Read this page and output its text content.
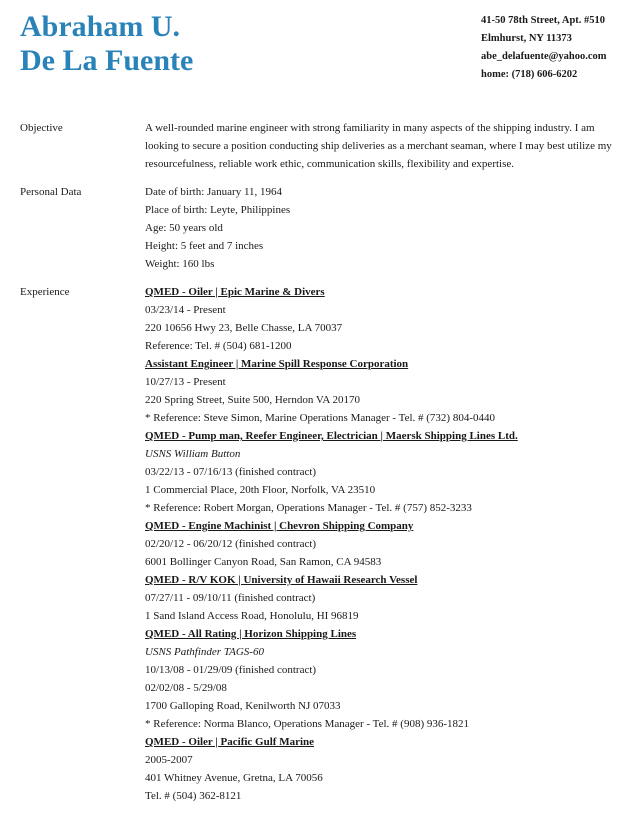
Abraham U.
De La Fuente
41-50 78th Street, Apt. #510
Elmhurst, NY 11373
abe_delafuente@yahoo.com
home: (718) 606-6202
Objective	A well-rounded marine engineer with strong familiarity in many aspects of the shipping industry. I am looking to secure a position conducting ship deliveries as a merchant seaman, where I may best utilize my resourcefulness, reliable work ethic, communication skills, flexibility and expertise.
Personal Data	Date of birth: January 11, 1964
Place of birth: Leyte, Philippines
Age: 50 years old
Height: 5 feet and 7 inches
Weight: 160 lbs
Experience	QMED - Oiler | Epic Marine & Divers
03/23/14 - Present
220 10656 Hwy 23, Belle Chasse, LA 70037
Reference: Tel. # (504) 681-1200
Assistant Engineer | Marine Spill Response Corporation
10/27/13 - Present
220 Spring Street, Suite 500, Herndon VA 20170
* Reference: Steve Simon, Marine Operations Manager - Tel. # (732) 804-0440
QMED - Pump man, Reefer Engineer, Electrician | Maersk Shipping Lines Ltd.
USNS William Button
03/22/13 - 07/16/13 (finished contract)
1 Commercial Place, 20th Floor, Norfolk, VA 23510
* Reference: Robert Morgan, Operations Manager - Tel. # (757) 852-3233
QMED - Engine Machinist | Chevron Shipping Company
02/20/12 - 06/20/12 (finished contract)
6001 Bollinger Canyon Road, San Ramon, CA 94583
QMED - R/V KOK | University of Hawaii Research Vessel
07/27/11 - 09/10/11 (finished contract)
1 Sand Island Access Road, Honolulu, HI 96819
QMED - All Rating | Horizon Shipping Lines
USNS Pathfinder TAGS-60
10/13/08 - 01/29/09 (finished contract)
02/02/08 - 5/29/08
1700 Galloping Road, Kenilworth NJ 07033
* Reference: Norma Blanco, Operations Manager - Tel. # (908) 936-1821
QMED - Oiler | Pacific Gulf Marine
2005-2007
401 Whitney Avenue, Gretna, LA 70056
Tel. # (504) 362-8121
